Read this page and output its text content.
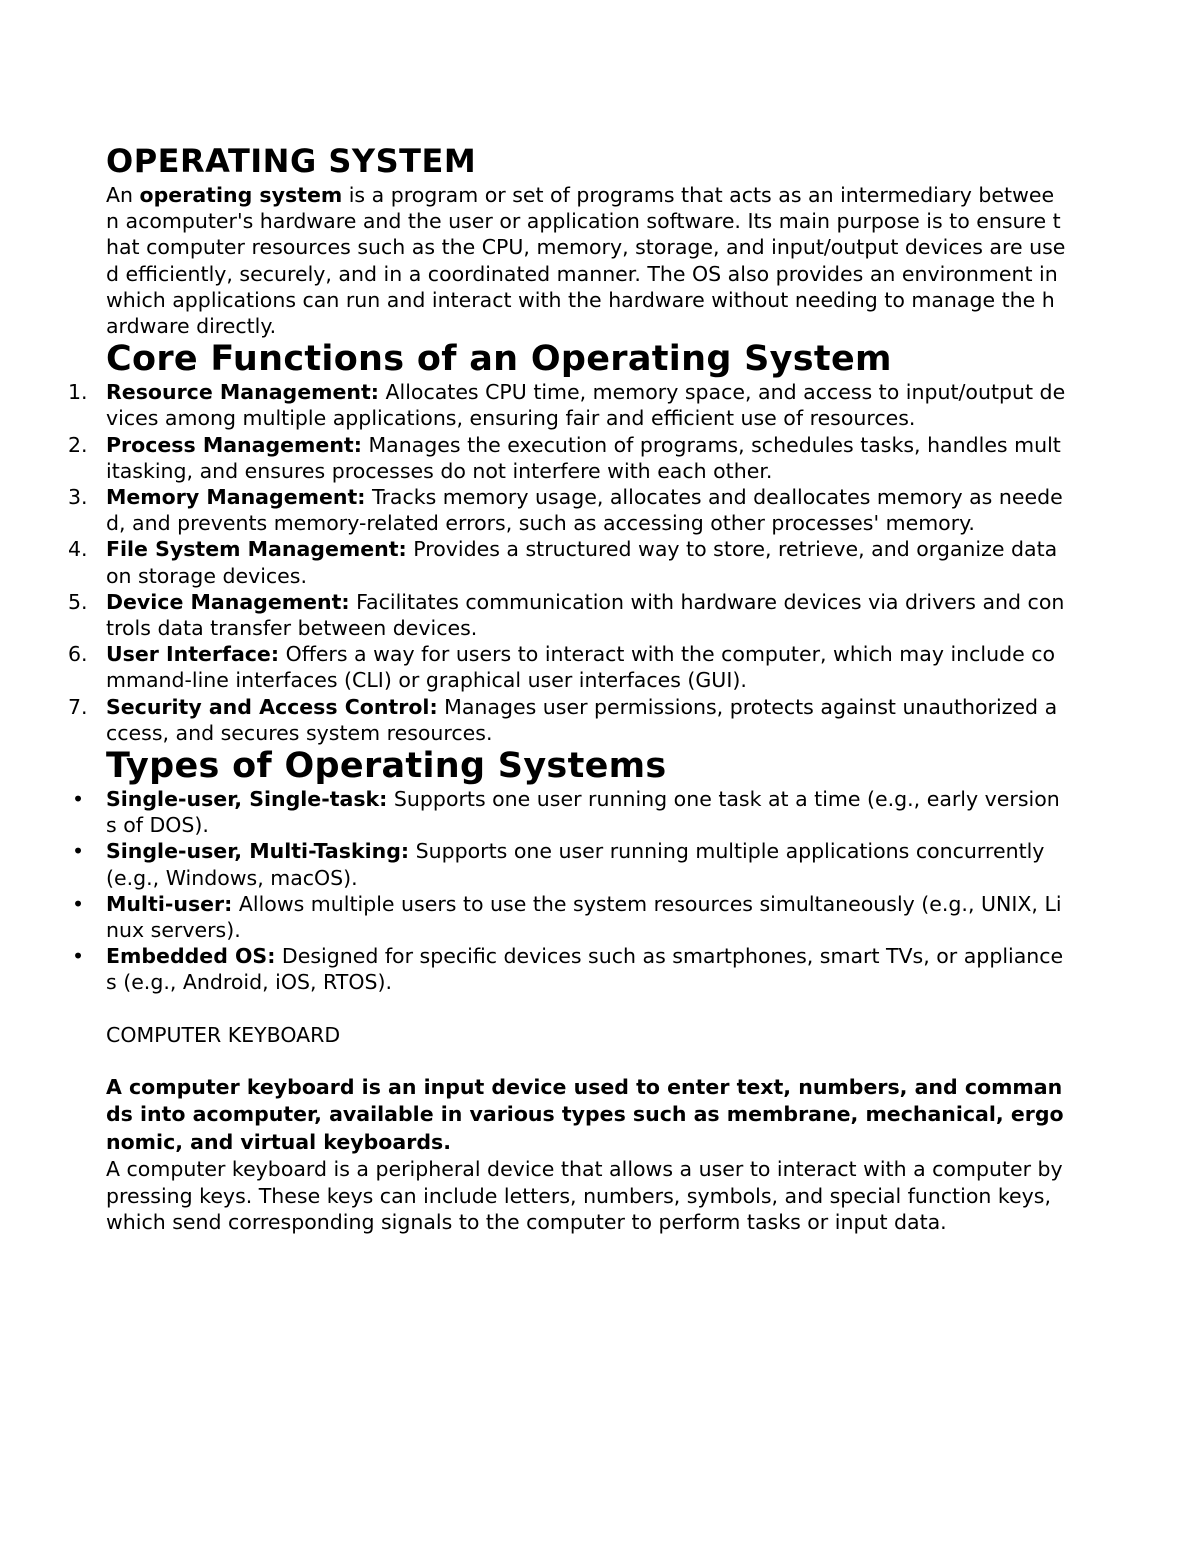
OPERATING SYSTEM

An operating system is a program or set of programs that acts as an intermediary between acomputer's hardware and the user or application software. Its main purpose is to ensure that computer resources such as the CPU, memory, storage, and input/output devices are used efficiently, securely, and in a coordinated manner. The OS also provides an environment in which applications can run and interact with the hardware without needing to manage the hardware directly.

Core Functions of an Operating System
1. Resource Management: Allocates CPU time, memory space, and access to input/output devices among multiple applications, ensuring fair and efficient use of resources.
2. Process Management: Manages the execution of programs, schedules tasks, handles multitasking, and ensures processes do not interfere with each other.
3. Memory Management: Tracks memory usage, allocates and deallocates memory as needed, and prevents memory-related errors, such as accessing other processes' memory.
4. File System Management: Provides a structured way to store, retrieve, and organize data on storage devices.
5. Device Management: Facilitates communication with hardware devices via drivers and controls data transfer between devices.
6. User Interface: Offers a way for users to interact with the computer, which may include command-line interfaces (CLI) or graphical user interfaces (GUI).
7. Security and Access Control: Manages user permissions, protects against unauthorized access, and secures system resources.
Types of Operating Systems
• Single-user, Single-task: Supports one user running one task at a time (e.g., early versions of DOS).
• Single-user, Multi-Tasking: Supports one user running multiple applications concurrently (e.g., Windows, macOS).
• Multi-user: Allows multiple users to use the system resources simultaneously (e.g., UNIX, Linux servers).
• Embedded OS: Designed for specific devices such as smartphones, smart TVs, or appliances (e.g., Android, iOS, RTOS).

COMPUTER KEYBOARD

A computer keyboard is an input device used to enter text, numbers, and commands into acomputer, available in various types such as membrane, mechanical, ergonomic, and virtual keyboards.

A computer keyboard is a peripheral device that allows a user to interact with a computer by pressing keys. These keys can include letters, numbers, symbols, and special function keys, which send corresponding signals to the computer to perform tasks or input data.
